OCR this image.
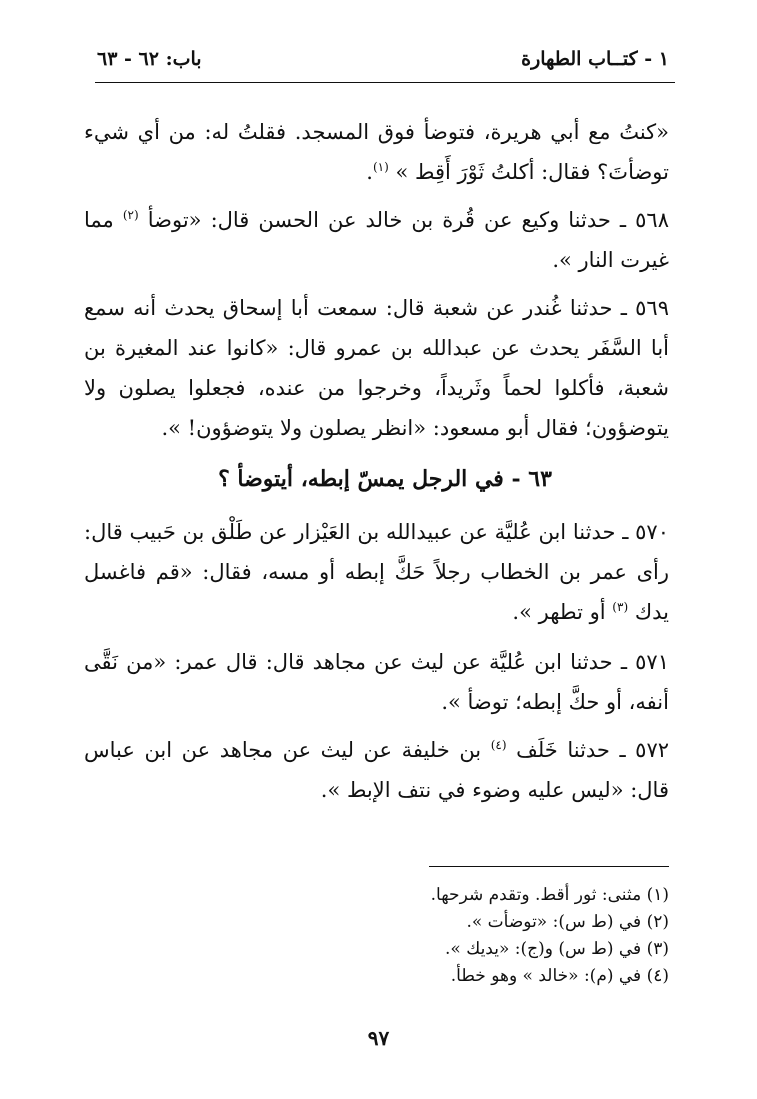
١ - كتــاب الطهارة
باب: ٦٢ - ٦٣

«كنتُ مع أبي هريرة، فتوضأ فوق المسجد. فقلتُ له: من أي شيء توضأتَ؟ فقال: أكلتُ ثَوْرَ أَقِط » $^{(١)}$.

٥٦٨ ـ حدثنا وكيع عن قُرة بن خالد عن الحسن قال: «توضأ $^{(٢)}$ مما غيرت النار ».

٥٦٩ ـ حدثنا غُندر عن شعبة قال: سمعت أبا إسحاق يحدث أنه سمع أبا السَّفَر يحدث عن عبدالله بن عمرو قال: «كانوا عند المغيرة بن شعبة، فأكلوا لحماً وثَريداً، وخرجوا من عنده، فجعلوا يصلون ولا يتوضؤون؛ فقال أبو مسعود: «انظر يصلون ولا يتوضؤون! ».

٦٣ - في الرجل يمسّ إبطه، أيتوضأ ؟

٥٧٠ ـ حدثنا ابن عُليَّة عن عبيدالله بن العَيْزار عن طَلْق بن حَبيب قال: رأى عمر بن الخطاب رجلاً حَكَّ إبطه أو مسه، فقال: «قم فاغسل يدك $^{(٣)}$ أو تطهر ».

٥٧١ ـ حدثنا ابن عُليَّة عن ليث عن مجاهد قال: قال عمر: «من نَقَّى أنفه، أو حكَّ إبطه؛ توضأ ».

٥٧٢ ـ حدثنا خَلَف $^{(٤)}$ بن خليفة عن ليث عن مجاهد عن ابن عباس قال: «ليس عليه وضوء في نتف الإبط ».

(١) مثنى: ثور أقط. وتقدم شرحها.
(٢) في (ط س): «توضأت ».
(٣) في (ط س) و(ج): «يديك ».
(٤) في (م): «خالد » وهو خطأ.
٩٧
